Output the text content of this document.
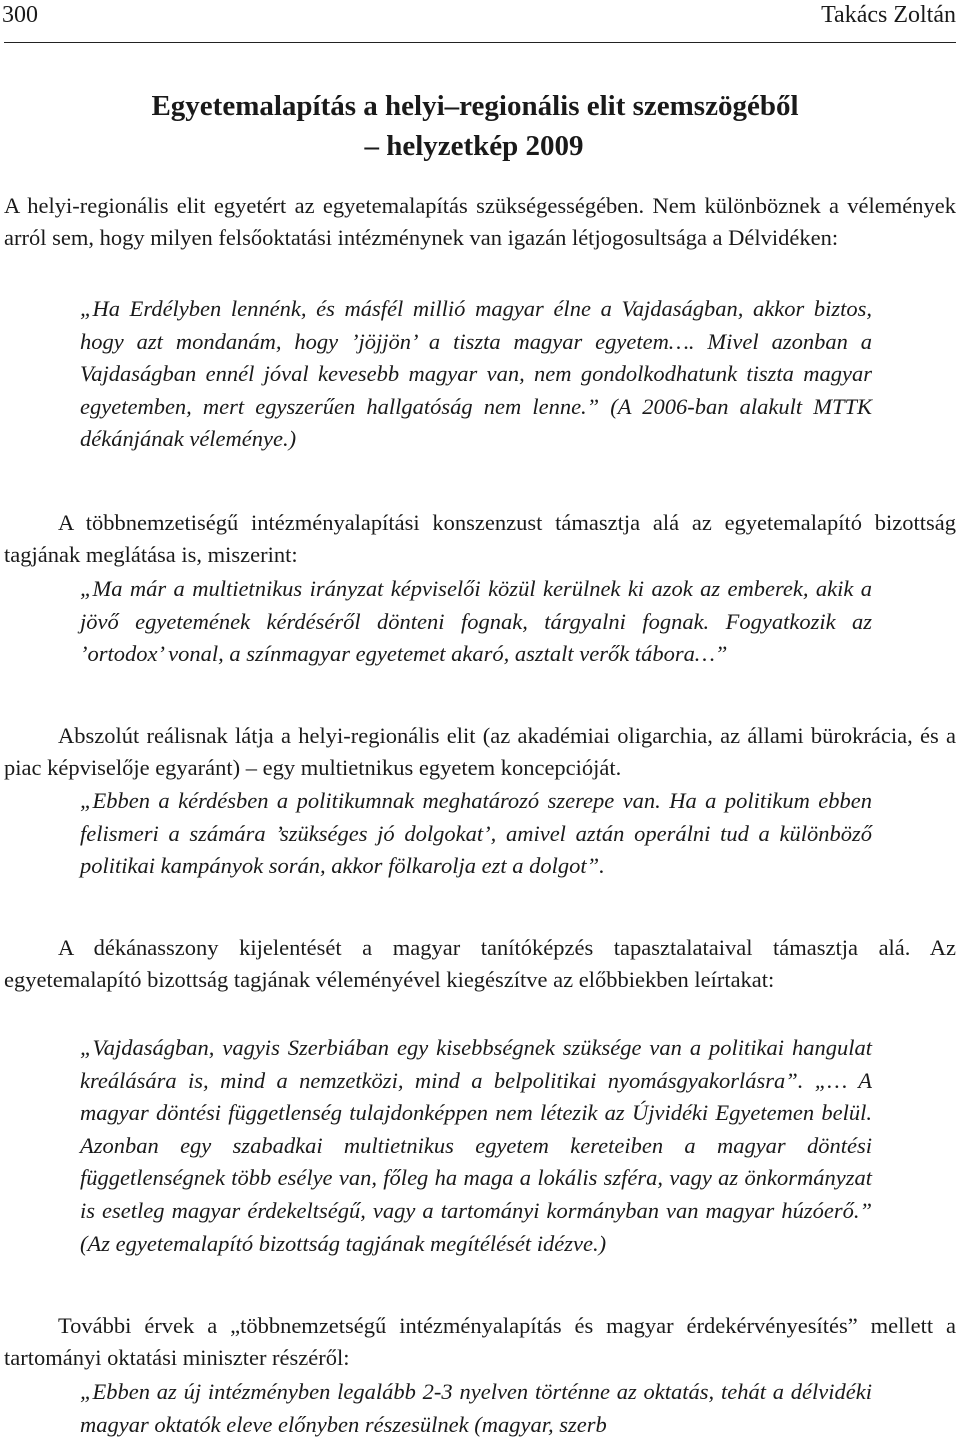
300	Takács Zoltán
Egyetemalapítás a helyi–regionális elit szemszögéből
– helyzetkép 2009

A helyi-regionális elit egyetért az egyetemalapítás szükségességében. Nem különböznek a vélemények arról sem, hogy milyen felsőoktatási intézménynek van igazán létjogosultsága a Délvidéken:

„Ha Erdélyben lennénk, és másfél millió magyar élne a Vajdaságban, akkor biztos, hogy azt mondanám, hogy ’jöjjön’ a tiszta magyar egyetem…. Mivel azonban a Vajdaságban ennél jóval kevesebb magyar van, nem gondolkodhatunk tiszta magyar egyetemben, mert egyszerűen hallgatóság nem lenne.” (A 2006-ban alakult MTTK dékánjának véleménye.)

A többnemzetiségű intézményalapítási konszenzust támasztja alá az egyetemalapító bizottság tagjának meglátása is, miszerint:

„Ma már a multietnikus irányzat képviselői közül kerülnek ki azok az emberek, akik a jövő egyetemének kérdéséről dönteni fognak, tárgyalni fognak. Fogyatkozik az ’ortodox’ vonal, a színmagyar egyetemet akaró, asztalt verők tábora…”

Abszolút reálisnak látja a helyi-regionális elit (az akadémiai oligarchia, az állami bürokrácia, és a piac képviselője egyaránt) – egy multietnikus egyetem koncepcióját.

„Ebben a kérdésben a politikumnak meghatározó szerepe van. Ha a politikum ebben felismeri a számára ’szükséges jó dolgokat’, amivel aztán operálni tud a különböző politikai kampányok során, akkor fölkarolja ezt a dolgot”.

A dékánasszony kijelentését a magyar tanítóképzés tapasztalataival támasztja alá. Az egyetemalapító bizottság tagjának véleményével kiegészítve az előbbiekben leírtakat:

„Vajdaságban, vagyis Szerbiában egy kisebbségnek szüksége van a politikai hangulat kreálására is, mind a nemzetközi, mind a belpolitikai nyomásgyakorlásra”. „… A magyar döntési függetlenség tulajdonképpen nem létezik az Újvidéki Egyetemen belül. Azonban egy szabadkai multietnikus egyetem kereteiben a magyar döntési függetlenségnek több esélye van, főleg ha maga a lokális szféra, vagy az önkormányzat is esetleg magyar érdekeltségű, vagy a tartományi kormányban van magyar húzóerő.” (Az egyetemalapító bizottság tagjának megítélését idézve.)

További érvek a „többnemzetségű intézményalapítás és magyar érdekérvényesítés” mellett a tartományi oktatási miniszter részéről:

„Ebben az új intézményben legalább 2-3 nyelven történne az oktatás, tehát a délvidéki magyar oktatók eleve előnyben részesülnek (magyar, szerb
